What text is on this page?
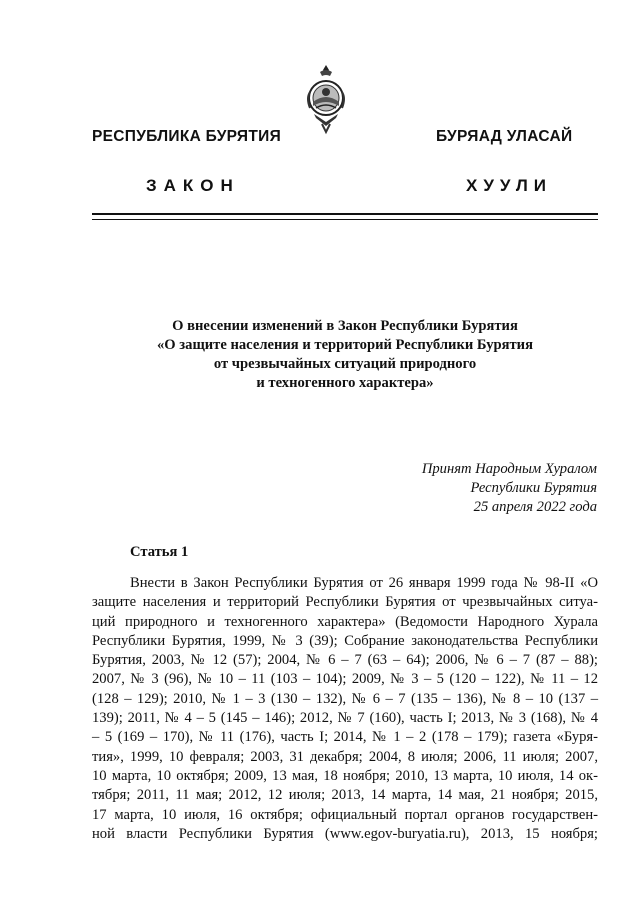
РЕСПУБЛИКА БУРЯТИЯ	БУРЯАД УЛАСАЙ
ЗАКОН	ХУУЛИ
О внесении изменений в Закон Республики Бурятия
«О защите населения и территорий Республики Бурятия
от чрезвычайных ситуаций природного
и техногенного характера»
Принят Народным Хуралом
Республики Бурятия
25 апреля 2022 года
Статья 1
Внести в Закон Республики Бурятия от 26 января 1999 года № 98-II «О
защите населения и территорий Республики Бурятия от чрезвычайных ситуа-
ций природного и техногенного характера» (Ведомости Народного Хурала
Республики Бурятия, 1999, № 3 (39); Собрание законодательства Республики
Бурятия, 2003, № 12 (57); 2004, № 6 – 7 (63 – 64); 2006, № 6 – 7 (87 – 88);
2007, № 3 (96), № 10 – 11 (103 – 104); 2009, № 3 – 5 (120 – 122), № 11 – 12
(128 – 129); 2010, № 1 – 3 (130 – 132), № 6 – 7 (135 – 136), № 8 – 10 (137 –
139); 2011, № 4 – 5 (145 – 146); 2012, № 7 (160), часть I; 2013, № 3 (168), № 4
– 5 (169 – 170), № 11 (176), часть I; 2014, № 1 – 2 (178 – 179); газета «Буря-
тия», 1999, 10 февраля; 2003, 31 декабря; 2004, 8 июля; 2006, 11 июля; 2007,
10 марта, 10 октября; 2009, 13 мая, 18 ноября; 2010, 13 марта, 10 июля, 14 ок-
тября; 2011, 11 мая; 2012, 12 июля; 2013, 14 марта, 14 мая, 21 ноября; 2015,
17 марта, 10 июля, 16 октября; официальный портал органов государствен-
ной власти Республики Бурятия (www.egov-buryatia.ru), 2013, 15 ноября;
